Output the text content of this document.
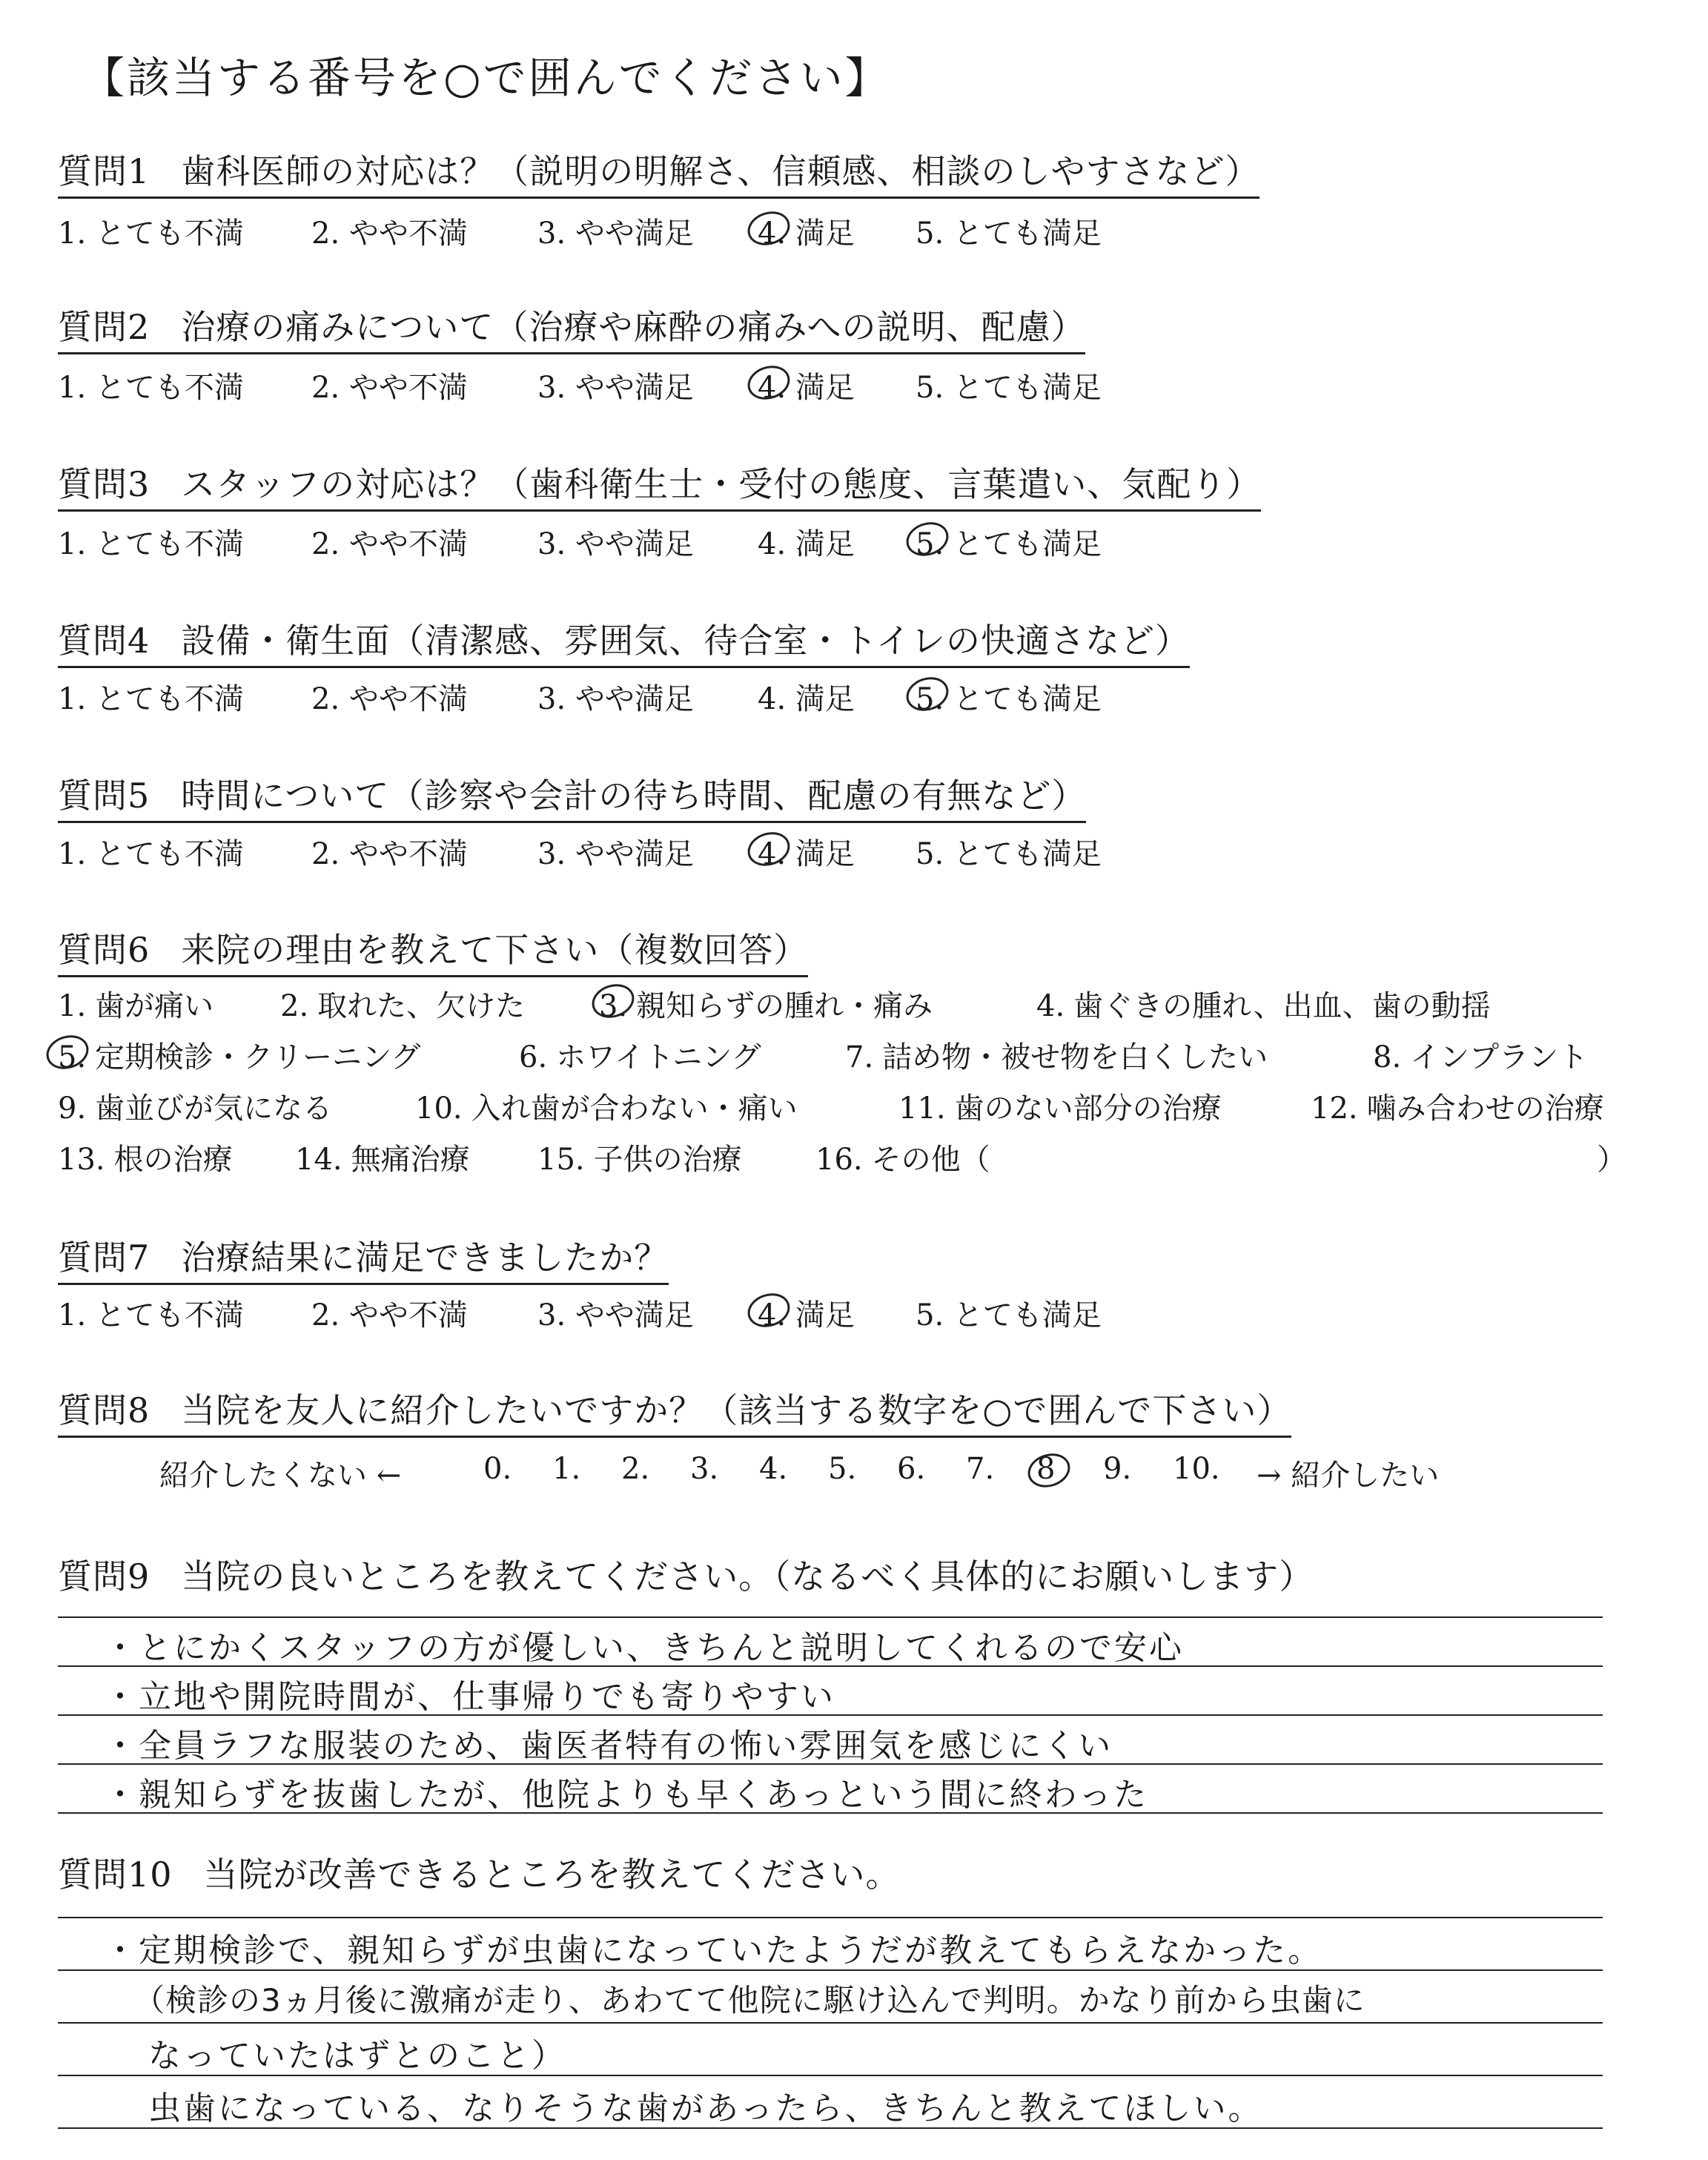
【該当する番号を○で囲んでください】
質問1 歯科医師の対応は？（説明の明解さ、信頼感、相談のしやすさなど）
1. とても不満 2. やや不満 3. やや満足 4. 満足 5. とても満足
質問2 治療の痛みについて（治療や麻酔の痛みへの説明、配慮）
1. とても不満 2. やや不満 3. やや満足 4. 満足 5. とても満足
質問3 スタッフの対応は？（歯科衛生士・受付の態度、言葉遣い、気配り）
1. とても不満 2. やや不満 3. やや満足 4. 満足 5. とても満足
質問4 設備・衛生面（清潔感、雰囲気、待合室・トイレの快適さなど）
1. とても不満 2. やや不満 3. やや満足 4. 満足 5. とても満足
質問5 時間について（診察や会計の待ち時間、配慮の有無など）
1. とても不満 2. やや不満 3. やや満足 4. 満足 5. とても満足
質問6 来院の理由を教えて下さい（複数回答）
1. 歯が痛い 2. 取れた、欠けた 3. 親知らずの腫れ・痛み	4. 歯ぐきの腫れ、出血、歯の動揺
5. 定期検診・クリーニング	6. ホワイトニング	7. 詰め物・被せ物を白くしたい	8. インプラント
9. 歯並びが気になる	10. 入れ歯が合わない・痛い	11. 歯のない部分の治療	12. 噛み合わせの治療
13. 根の治療 14. 無痛治療 15. 子供の治療 16. その他（	）
質問7 治療結果に満足できましたか？
1. とても不満 2. やや不満 3. やや満足 4. 満足 5. とても満足
質問8 当院を友人に紹介したいですか？（該当する数字を○で囲んで下さい）
紹介したくない ←	0. 1. 2. 3. 4. 5. 6. 7. 8 9. 10. → 紹介したい
質問9 当院の良いところを教えてください。（なるべく具体的にお願いします）
・とにかくスタッフの方が優しい、きちんと説明してくれるので安心
・立地や開院時間が、仕事帰りでも寄りやすい
・全員ラフな服装のため、歯医者特有の怖い雰囲気を感じにくい
・親知らずを抜歯したが、他院よりも早くあっという間に終わった
質問10 当院が改善できるところを教えてください。
・定期検診で、親知らずが虫歯になっていたようだが教えてもらえなかった。
（検診の3ヵ月後に激痛が走り、あわてて他院に駆け込んで判明。かなり前から虫歯に
なっていたはずとのこと）
虫歯になっている、なりそうな歯があったら、きちんと教えてほしい。
